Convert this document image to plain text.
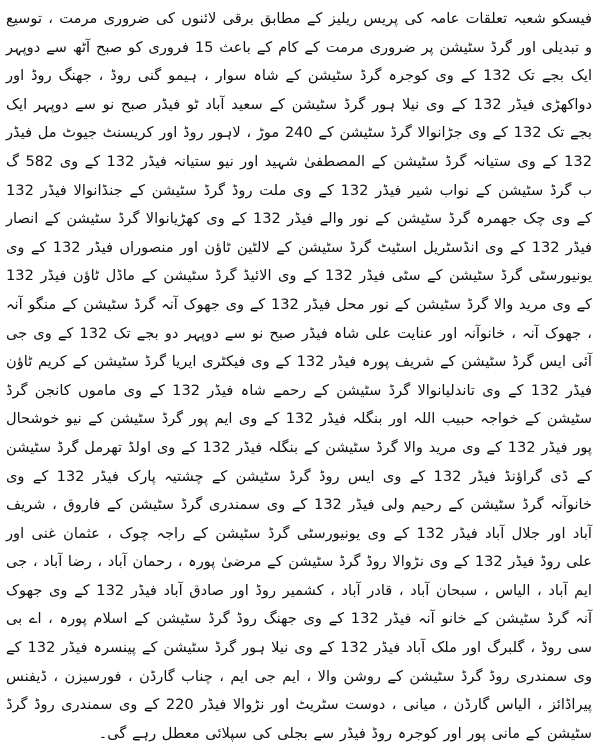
فیسکو شعبہ تعلقات عامہ کی پریس ریلیز کے مطابق برقی لائنوں کی ضروری مرمت ، توسیع و تبدیلی اور گرڈ سٹیشن پر ضروری مرمت کے کام کے باعث 15 فروری کو صبح آٹھ سے دوپہر ایک بجے تک 132 کے وی کوجرہ گرڈ سٹیشن کے شاہ سوار ، ہیمو گنی روڈ ، جھنگ روڈ اور دواکھڑی فیڈر 132 کے وی نیلا ہور گرڈ سٹیشن کے سعید آباد ٹو فیڈر صبح نو سے دوپہر ایک بجے تک 132 کے وی جڑانوالا گرڈ سٹیشن کے 240 موڑ ، لاہور روڈ اور کریسنٹ جیوٹ مل فیڈر 132 کے وی ستیانہ گرڈ سٹیشن کے المصطفیٰ شہید اور نیو ستیانہ فیڈر 132 کے وی 582 گ ب گرڈ سٹیشن کے نواب شیر فیڈر 132 کے وی ملت روڈ گرڈ سٹیشن کے جنڈانوالا فیڈر 132 کے وی چک جھمرہ گرڈ سٹیشن کے نور والے فیڈر 132 کے وی کھڑیانوالا گرڈ سٹیشن کے انصار فیڈر 132 کے وی انڈسٹریل اسٹیٹ گرڈ سٹیشن کے لالٹین ٹاؤن اور منصوراں فیڈر 132 کے وی یونیورسٹی گرڈ سٹیشن کے سٹی فیڈر 132 کے وی الائیڈ گرڈ سٹیشن کے ماڈل ٹاؤن فیڈر 132 کے وی مرید والا گرڈ سٹیشن کے نور محل فیڈر 132 کے وی جھوک آنہ گرڈ سٹیشن کے منگو آنہ ، جھوک آنہ ، خانوآنہ اور عنایت علی شاہ فیڈر صبح نو سے دوپہر دو بجے تک 132 کے وی جی آئی ایس گرڈ سٹیشن کے شریف پورہ فیڈر 132 کے وی فیکٹری ایریا گرڈ سٹیشن کے کریم ٹاؤن فیڈر 132 کے وی تاندلیانوالا گرڈ سٹیشن کے رحمے شاہ فیڈر 132 کے وی ماموں کانجن گرڈ سٹیشن کے خواجہ حبیب اللہ اور بنگلہ فیڈر 132 کے وی ایم پور گرڈ سٹیشن کے نیو خوشحال پور فیڈر 132 کے وی مرید والا گرڈ سٹیشن کے بنگلہ فیڈر 132 کے وی اولڈ تھرمل گرڈ سٹیشن کے ڈی گراؤنڈ فیڈر 132 کے وی ایس روڈ گرڈ سٹیشن کے چشتیہ پارک فیڈر 132 کے وی خانوآنہ گرڈ سٹیشن کے رحیم ولی فیڈر 132 کے وی سمندری گرڈ سٹیشن کے فاروق ، شریف آباد اور جلال آباد فیڈر 132 کے وی یونیورسٹی گرڈ سٹیشن کے راجہ چوک ، عثمان غنی اور علی روڈ فیڈر 132 کے وی نڑوالا روڈ گرڈ سٹیشن کے مرضیٰ پورہ ، رحمان آباد ، رضا آباد ، جی ایم آباد ، الیاس ، سبحان آباد ، قادر آباد ، کشمیر روڈ اور صادق آباد فیڈر 132 کے وی جھوک آنہ گرڈ سٹیشن کے خانو آنہ فیڈر 132 کے وی جھنگ روڈ گرڈ سٹیشن کے اسلام پورہ ، اے بی سی روڈ ، گلبرگ اور ملک آباد فیڈر 132 کے وی نیلا ہور گرڈ سٹیشن کے پینسرہ فیڈر 132 کے وی سمندری روڈ گرڈ سٹیشن کے روشن والا ، ایم جی ایم ، چناب گارڈن ، فورسیزن ، ڈیفنس پیراڈائز ، الیاس گارڈن ، میانی ، دوست سٹریٹ اور نڑوالا فیڈر 220 کے وی سمندری روڈ گرڈ سٹیشن کے مانی پور اور کوجرہ روڈ فیڈر سے بجلی کی سپلائی معطل رہے گی۔
